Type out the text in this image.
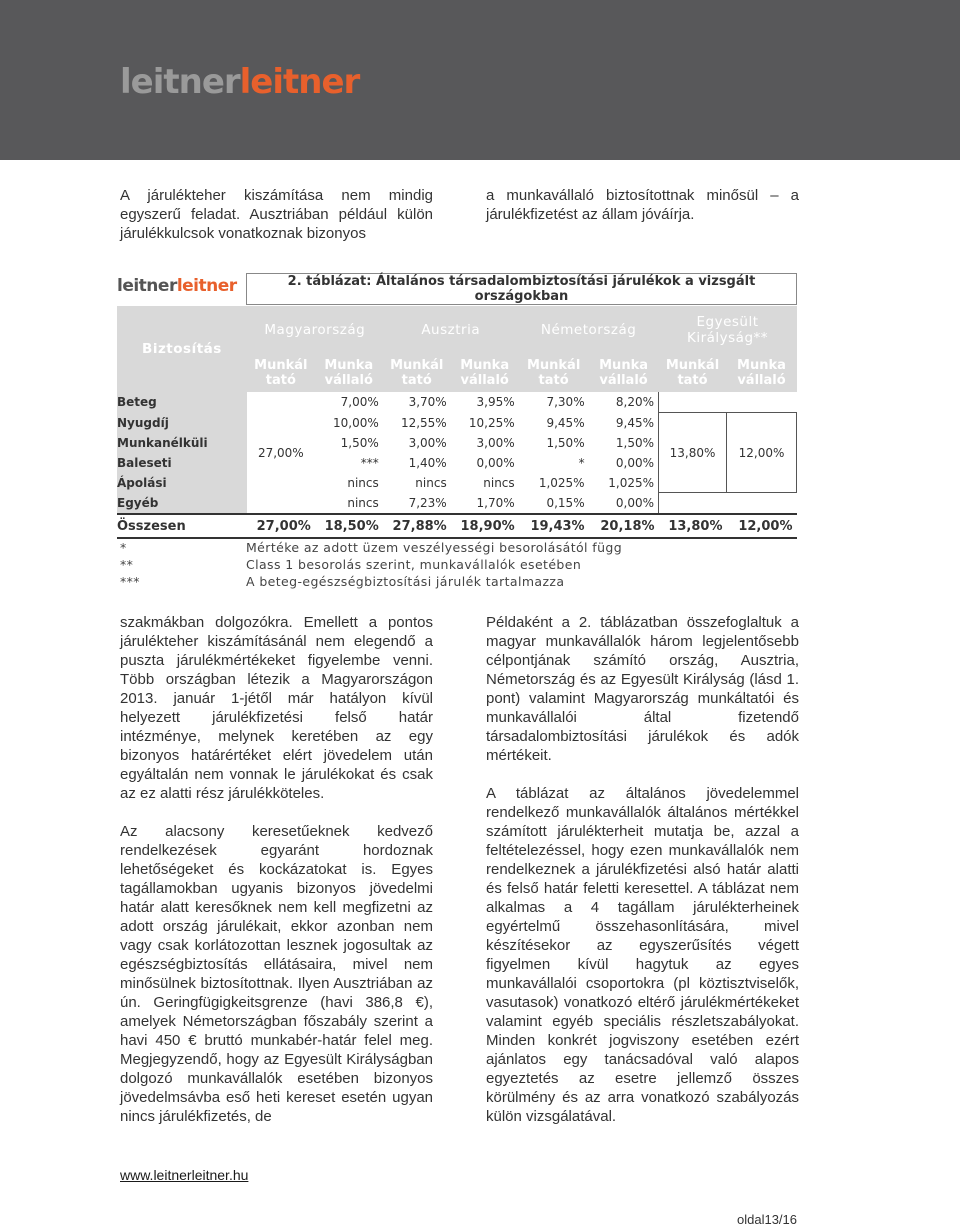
leitnerleitner

A járulékteher kiszámítása nem mindig egyszerű feladat. Ausztriában például külön járulékkulcsok vonatkoznak bizonyos

a munkavállaló biztosítottnak minősül – a járulékfizetést az állam jóváírja.

leitnerleitner	2. táblázat: Általános társadalombiztosítási járulékok a vizsgált országokban
Biztosítás	Magyarország		Ausztria		Németország		Egyesült Királyság**	
	Munkál tató	Munka vállaló	Munkál tató	Munka vállaló	Munkál tató	Munka vállaló	Munkál tató	Munka vállaló
Beteg		7,00%	3,70%	3,95%	7,30%	8,20%		
Nyugdíj		10,00%	12,55%	10,25%	9,45%	9,45%	13,80%	12,00%
Munkanélküli	27,00%	1,50%	3,00%	3,00%	1,50%	1,50%		
Baleseti		***	1,40%	0,00%	*	0,00%		
Ápolási		nincs	nincs	nincs	1,025%	1,025%		
Egyéb		nincs	7,23%	1,70%	0,15%	0,00%		
Összesen	27,00%	18,50%	27,88%	18,90%	19,43%	20,18%	13,80%	12,00%
*	Mértéke az adott üzem veszélyességi besorolásától függ
**	Class 1 besorolás szerint, munkavállalók esetében
***	A beteg-egészségbiztosítási járulék tartalmazza

szakmákban dolgozókra. Emellett a pontos járulékteher kiszámításánál nem elegendő a puszta járulékmértékeket figyelembe venni. Több országban létezik a Magyarországon 2013. január 1-jétől már hatályon kívül helyezett járulékfizetési felső határ intézménye, melynek keretében az egy bizonyos határértéket elért jövedelem után egyáltalán nem vonnak le járulékokat és csak az ez alatti rész járulékköteles.

Az alacsony keresetűeknek kedvező rendelkezések egyaránt hordoznak lehetőségeket és kockázatokat is. Egyes tagállamokban ugyanis bizonyos jövedelmi határ alatt keresőknek nem kell megfizetni az adott ország járulékait, ekkor azonban nem vagy csak korlátozottan lesznek jogosultak az egészségbiztosítás ellátásaira, mivel nem minősülnek biztosítottnak. Ilyen Ausztriában az ún. Geringfügigkeitsgrenze (havi 386,8 €), amelyek Németországban főszabály szerint a havi 450 € bruttó munkabér-határ felel meg. Megjegyzendő, hogy az Egyesült Királyságban dolgozó munkavállalók esetében bizonyos jövedelmsávba eső heti kereset esetén ugyan nincs járulékfizetés, de

Példaként a 2. táblázatban összefoglaltuk a magyar munkavállalók három legjelentősebb célpontjának számító ország, Ausztria, Németország és az Egyesült Királyság (lásd 1. pont) valamint Magyarország munkáltatói és munkavállalói által fizetendő társadalombiztosítási járulékok és adók mértékeit.

A táblázat az általános jövedelemmel rendelkező munkavállalók általános mértékkel számított járulékterheit mutatja be, azzal a feltételezéssel, hogy ezen munkavállalók nem rendelkeznek a járulékfizetési alsó határ alatti és felső határ feletti keresettel. A táblázat nem alkalmas a 4 tagállam járulékterheinek egyértelmű összehasonlítására, mivel készítésekor az egyszerűsítés végett figyelmen kívül hagytuk az egyes munkavállalói csoportokra (pl köztisztviselők, vasutasok) vonatkozó eltérő járulékmértékeket valamint egyéb speciális részletszabályokat. Minden konkrét jogviszony esetében ezért ajánlatos egy tanácsadóval való alapos egyeztetés az esetre jellemző összes körülmény és az arra vonatkozó szabályozás külön vizsgálatával.

www.leitnerleitner.hu
oldal13/16
